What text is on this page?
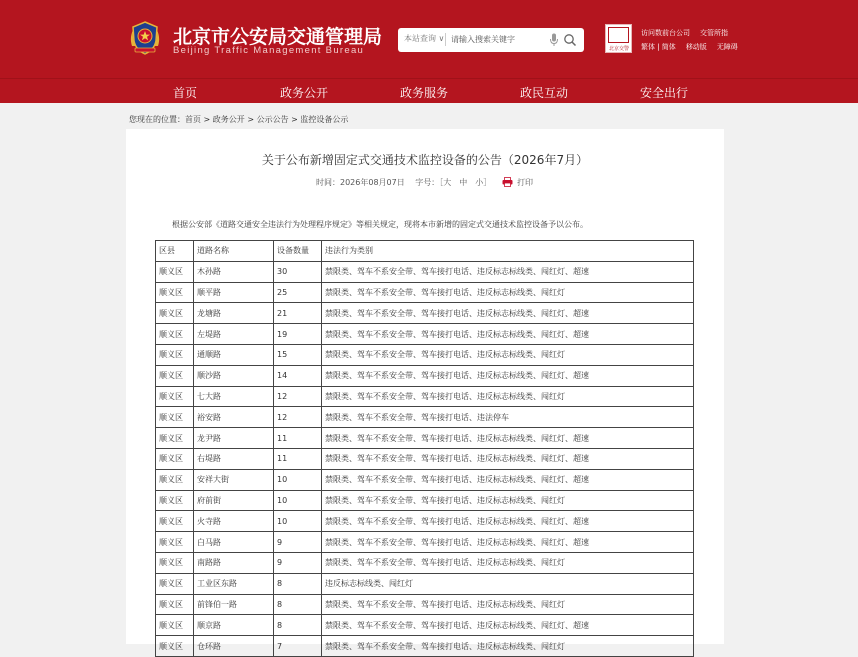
北京市公安局交通管理局
Beijing Traffic Management Bureau
本站查询 ∨
请输入搜索关键字
北京交警
访问数前台公司 交管所指
繁体 | 简体 移动版 无障碍
首页	政务公开	政务服务	政民互动	安全出行
您现在的位置：首页 > 政务公开 > 公示公告 > 监控设备公示
关于公布新增固定式交通技术监控设备的公告（2026年7月）
时间：2026年08月07日　 字号：［大　中　小］	打印
根据公安部《道路交通安全违法行为处理程序规定》等相关规定，现将本市新增的固定式交通技术监控设备予以公布。
区县	道路名称	设备数量	违法行为类别
顺义区	木孙路	30	禁限类、驾车不系安全带、驾车接打电话、违反标志标线类、闯红灯、超速
顺义区	顺平路	25	禁限类、驾车不系安全带、驾车接打电话、违反标志标线类、闯红灯
顺义区	龙塘路	21	禁限类、驾车不系安全带、驾车接打电话、违反标志标线类、闯红灯、超速
顺义区	左堤路	19	禁限类、驾车不系安全带、驾车接打电话、违反标志标线类、闯红灯、超速
顺义区	通顺路	15	禁限类、驾车不系安全带、驾车接打电话、违反标志标线类、闯红灯
顺义区	顺沙路	14	禁限类、驾车不系安全带、驾车接打电话、违反标志标线类、闯红灯、超速
顺义区	七大路	12	禁限类、驾车不系安全带、驾车接打电话、违反标志标线类、闯红灯
顺义区	裕安路	12	禁限类、驾车不系安全带、驾车接打电话、违法停车
顺义区	龙尹路	11	禁限类、驾车不系安全带、驾车接打电话、违反标志标线类、闯红灯、超速
顺义区	右堤路	11	禁限类、驾车不系安全带、驾车接打电话、违反标志标线类、闯红灯、超速
顺义区	安祥大街	10	禁限类、驾车不系安全带、驾车接打电话、违反标志标线类、闯红灯、超速
顺义区	府前街	10	禁限类、驾车不系安全带、驾车接打电话、违反标志标线类、闯红灯
顺义区	火寺路	10	禁限类、驾车不系安全带、驾车接打电话、违反标志标线类、闯红灯、超速
顺义区	白马路	9	禁限类、驾车不系安全带、驾车接打电话、违反标志标线类、闯红灯、超速
顺义区	南路路	9	禁限类、驾车不系安全带、驾车接打电话、违反标志标线类、闯红灯
顺义区	工业区东路	8	违反标志标线类、闯红灯
顺义区	前锋伯一路	8	禁限类、驾车不系安全带、驾车接打电话、违反标志标线类、闯红灯
顺义区	顺京路	8	禁限类、驾车不系安全带、驾车接打电话、违反标志标线类、闯红灯、超速
顺义区	仓环路	7	禁限类、驾车不系安全带、驾车接打电话、违反标志标线类、闯红灯
